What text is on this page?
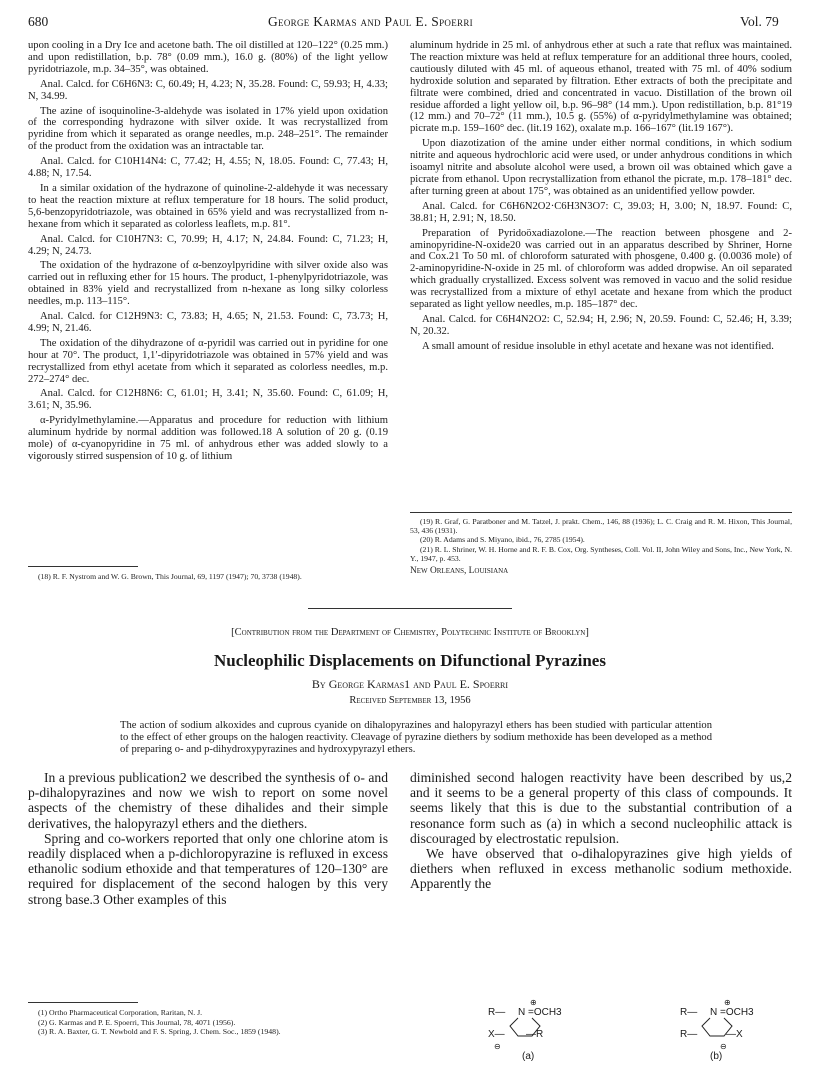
680	George Karmas and Paul E. Spoerri	Vol. 79

upon cooling in a Dry Ice and acetone bath. The oil distilled at 120–122° (0.25 mm.) and upon redistillation, b.p. 78° (0.09 mm.), 16.0 g. (80%) of the light yellow pyridotriazole, m.p. 34–35°, was obtained.

Anal. Calcd. for C6H6N3: C, 60.49; H, 4.23; N, 35.28. Found: C, 59.93; H, 4.33; N, 34.99.

The azine of isoquinoline-3-aldehyde was isolated in 17% yield upon oxidation of the corresponding hydrazone with silver oxide. It was recrystallized from pyridine from which it separated as orange needles, m.p. 248–251°. The remainder of the product from the oxidation was an intractable tar.

Anal. Calcd. for C10H14N4: C, 77.42; H, 4.55; N, 18.05. Found: C, 77.43; H, 4.88; N, 17.54.

In a similar oxidation of the hydrazone of quinoline-2-aldehyde it was necessary to heat the reaction mixture at reflux temperature for 18 hours. The solid product, 5,6-benzopyridotriazole, was obtained in 65% yield and was recrystallized from n-hexane from which it separated as colorless leaflets, m.p. 81°.

Anal. Calcd. for C10H7N3: C, 70.99; H, 4.17; N, 24.84. Found: C, 71.23; H, 4.29; N, 24.73.

The oxidation of the hydrazone of α-benzoylpyridine with silver oxide also was carried out in refluxing ether for 15 hours. The product, 1-phenylpyridotriazole, was obtained in 83% yield and recrystallized from n-hexane as long silky colorless needles, m.p. 113–115°.

Anal. Calcd. for C12H9N3: C, 73.83; H, 4.65; N, 21.53. Found: C, 73.73; H, 4.99; N, 21.46.

The oxidation of the dihydrazone of α-pyridil was carried out in pyridine for one hour at 70°. The product, 1,1′-dipyridotriazole was obtained in 57% yield and was recrystallized from ethyl acetate from which it separated as colorless needles, m.p. 272–274° dec.

Anal. Calcd. for C12H8N6: C, 61.01; H, 3.41; N, 35.60. Found: C, 61.09; H, 3.61; N, 35.96.

α-Pyridylmethylamine.—Apparatus and procedure for reduction with lithium aluminum hydride by normal addition was followed.18 A solution of 20 g. (0.19 mole) of α-cyanopyridine in 75 ml. of anhydrous ether was added slowly to a vigorously stirred suspension of 10 g. of lithium

(18) R. F. Nystrom and W. G. Brown, This Journal, 69, 1197 (1947); 70, 3738 (1948).

aluminum hydride in 25 ml. of anhydrous ether at such a rate that reflux was maintained. The reaction mixture was held at reflux temperature for an additional three hours, cooled, cautiously diluted with 45 ml. of aqueous ethanol, treated with 75 ml. of 40% sodium hydroxide solution and separated by filtration. Ether extracts of both the precipitate and filtrate were combined, dried and concentrated in vacuo. Distillation of the brown oil residue afforded a light yellow oil, b.p. 96–98° (14 mm.). Upon redistillation, b.p. 81°19 (12 mm.) and 70–72° (11 mm.), 10.5 g. (55%) of α-pyridylmethylamine was obtained; picrate m.p. 159–160° dec. (lit.19 162), oxalate m.p. 166–167° (lit.19 167°).

Upon diazotization of the amine under either normal conditions, in which sodium nitrite and aqueous hydrochloric acid were used, or under anhydrous conditions in which isoamyl nitrite and absolute alcohol were used, a brown oil was obtained which gave a picrate from ethanol. Upon recrystallization from ethanol the picrate, m.p. 178–181° dec. after turning green at about 175°, was obtained as an unidentified yellow powder.

Anal. Calcd. for C6H6N2O2·C6H3N3O7: C, 39.03; H, 3.00; N, 18.97. Found: C, 38.81; H, 2.91; N, 18.50.

Preparation of Pyridoöxadiazolone.—The reaction between phosgene and 2-aminopyridine-N-oxide20 was carried out in an apparatus described by Shriner, Horne and Cox.21 To 50 ml. of chloroform saturated with phosgene, 0.400 g. (0.0036 mole) of 2-aminopyridine-N-oxide in 25 ml. of chloroform was added dropwise. An oil separated which gradually crystallized. Excess solvent was removed in vacuo and the solid residue was recrystallized from a mixture of ethyl acetate and hexane from which the product separated as light yellow needles, m.p. 185–187° dec.

Anal. Calcd. for C6H4N2O2: C, 52.94; H, 2.96; N, 20.59. Found: C, 52.46; H, 3.39; N, 20.32.

A small amount of residue insoluble in ethyl acetate and hexane was not identified.

(19) R. Graf, G. Paratboner and M. Tatzel, J. prakt. Chem., 146, 88 (1936); L. C. Craig and R. M. Hixon, This Journal, 53, 436 (1931).

(20) R. Adams and S. Miyano, ibid., 76, 2785 (1954).

(21) R. L. Shriner, W. H. Horne and R. F. B. Cox, Org. Syntheses, Coll. Vol. II, John Wiley and Sons, Inc., New York, N. Y., 1947, p. 453.

New Orleans, Louisiana

[Contribution from the Department of Chemistry, Polytechnic Institute of Brooklyn]
Nucleophilic Displacements on Difunctional Pyrazines
By George Karmas1 and Paul E. Spoerri
Received September 13, 1956
The action of sodium alkoxides and cuprous cyanide on dihalopyrazines and halopyrazyl ethers has been studied with particular attention to the effect of ether groups on the halogen reactivity. Cleavage of pyrazine diethers by sodium methoxide has been developed as a method of preparing o- and p-dihydroxypyrazines and hydroxypyrazyl ethers.

In a previous publication2 we described the synthesis of o- and p-dihalopyrazines and now we wish to report on some novel aspects of the chemistry of these dihalides and their simple derivatives, the halopyrazyl ethers and the diethers.

Spring and co-workers reported that only one chlorine atom is readily displaced when a p-dichloropyrazine is refluxed in excess ethanolic sodium ethoxide and that temperatures of 120–130° are required for displacement of the second halogen by this very strong base.3 Other examples of this

diminished second halogen reactivity have been described by us,2 and it seems to be a general property of this class of compounds. It seems likely that this is due to the substantial contribution of a resonance form such as (a) in which a second nucleophilic attack is discouraged by electrostatic repulsion.

We have observed that o-dihalopyrazines give high yields of diethers when refluxed in excess methanolic sodium methoxide. Apparently the

(1) Ortho Pharmaceutical Corporation, Raritan, N. J.

(2) G. Karmas and P. E. Spoerri, This Journal, 78, 4071 (1956).

(3) R. A. Baxter, G. T. Newbold and F. S. Spring, J. Chem. Soc., 1859 (1948).

⊕
R— N =OCH3
X— —R
⊖
(a)
⊕
R— N =OCH3
R—	—X
⊖
(b)
